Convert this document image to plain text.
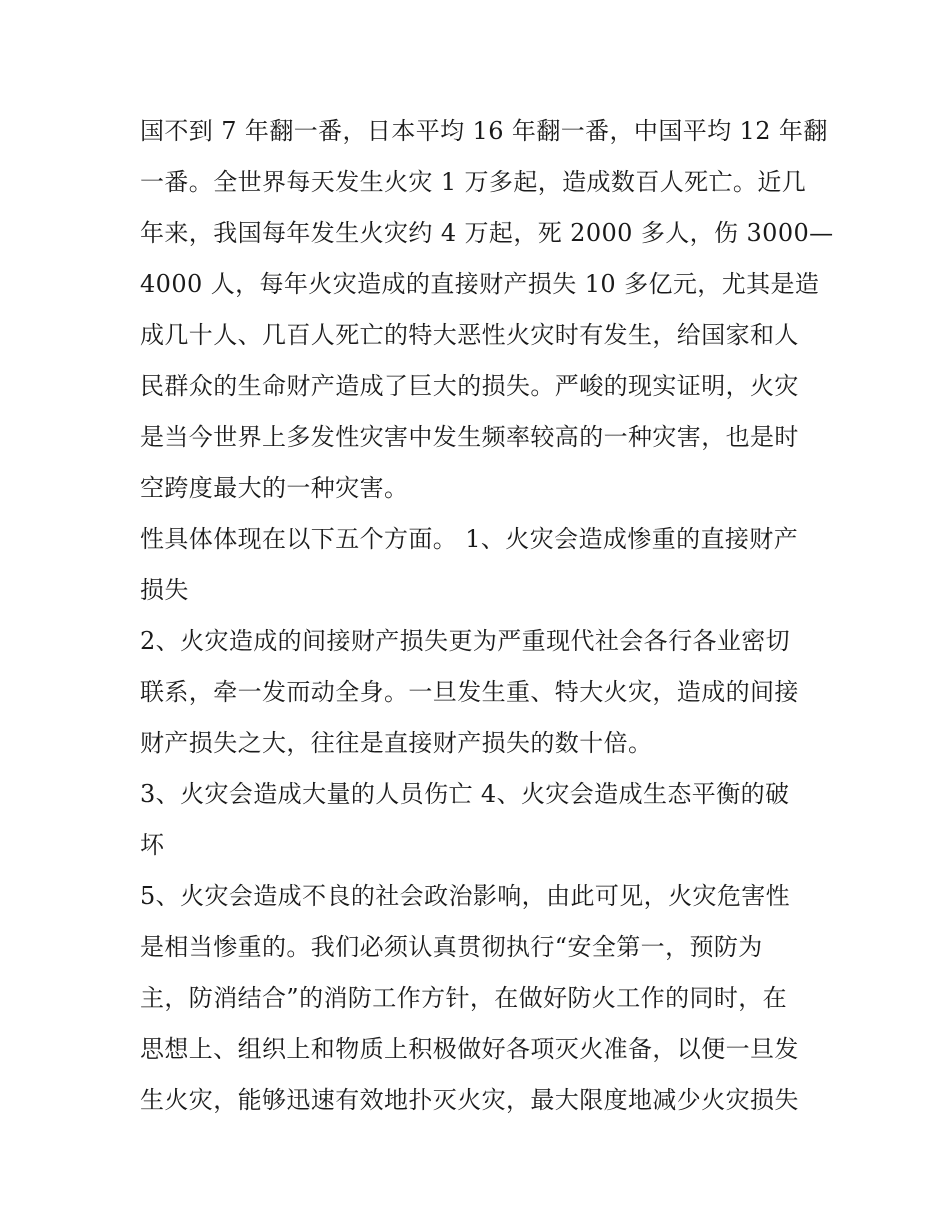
国不到 7 年翻一番，日本平均 16 年翻一番，中国平均 12 年翻
一番。全世界每天发生火灾 1 万多起，造成数百人死亡。近几
年来，我国每年发生火灾约 4 万起，死 2000 多人，伤 3000—
4000 人，每年火灾造成的直接财产损失 10 多亿元，尤其是造
成几十人、几百人死亡的特大恶性火灾时有发生，给国家和人
民群众的生命财产造成了巨大的损失。严峻的现实证明，火灾
是当今世界上多发性灾害中发生频率较高的一种灾害，也是时
空跨度最大的一种灾害。
性具体体现在以下五个方面。 1、火灾会造成惨重的直接财产
损失
2、火灾造成的间接财产损失更为严重现代社会各行各业密切
联系，牵一发而动全身。一旦发生重、特大火灾，造成的间接
财产损失之大，往往是直接财产损失的数十倍。
3、火灾会造成大量的人员伤亡 4、火灾会造成生态平衡的破
坏
5、火灾会造成不良的社会政治影响，由此可见，火灾危害性
是相当惨重的。我们必须认真贯彻执行“安全第一，预防为
主，防消结合”的消防工作方针，在做好防火工作的同时，在
思想上、组织上和物质上积极做好各项灭火准备，以便一旦发
生火灾，能够迅速有效地扑灭火灾，最大限度地减少火灾损失
